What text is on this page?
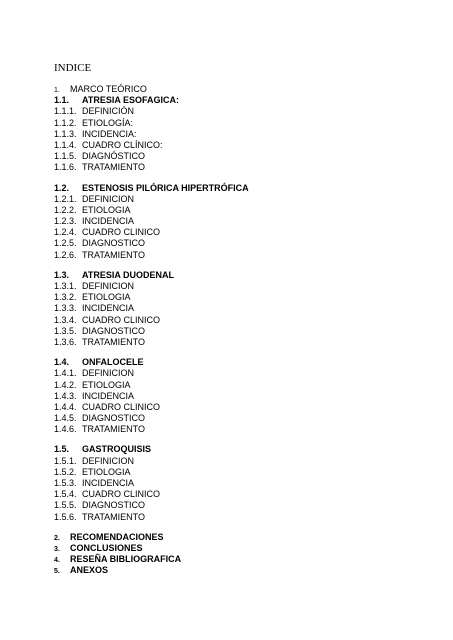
INDICE
1.	MARCO TEÓRICO
1.1.	ATRESIA ESOFAGICA:
1.1.1. DEFINICIÓN
1.1.2. ETIOLOGÍA:
1.1.3. INCIDENCIA:
1.1.4. CUADRO CLÍNICO:
1.1.5. DIAGNÓSTICO
1.1.6. TRATAMIENTO
1.2.	ESTENOSIS PILÓRICA HIPERTRÓFICA
1.2.1. DEFINICION
1.2.2. ETIOLOGIA
1.2.3. INCIDENCIA
1.2.4. CUADRO CLINICO
1.2.5. DIAGNOSTICO
1.2.6. TRATAMIENTO
1.3.	ATRESIA DUODENAL
1.3.1. DEFINICION
1.3.2. ETIOLOGIA
1.3.3. INCIDENCIA
1.3.4. CUADRO CLINICO
1.3.5. DIAGNOSTICO
1.3.6. TRATAMIENTO
1.4.	ONFALOCELE
1.4.1. DEFINICION
1.4.2. ETIOLOGIA
1.4.3. INCIDENCIA
1.4.4. CUADRO CLINICO
1.4.5. DIAGNOSTICO
1.4.6. TRATAMIENTO
1.5.	GASTROQUISIS
1.5.1. DEFINICION
1.5.2. ETIOLOGIA
1.5.3. INCIDENCIA
1.5.4. CUADRO CLINICO
1.5.5. DIAGNOSTICO
1.5.6. TRATAMIENTO
2.	RECOMENDACIONES
3.	CONCLUSIONES
4.	RESEÑA BIBLIOGRAFICA
5.	ANEXOS
